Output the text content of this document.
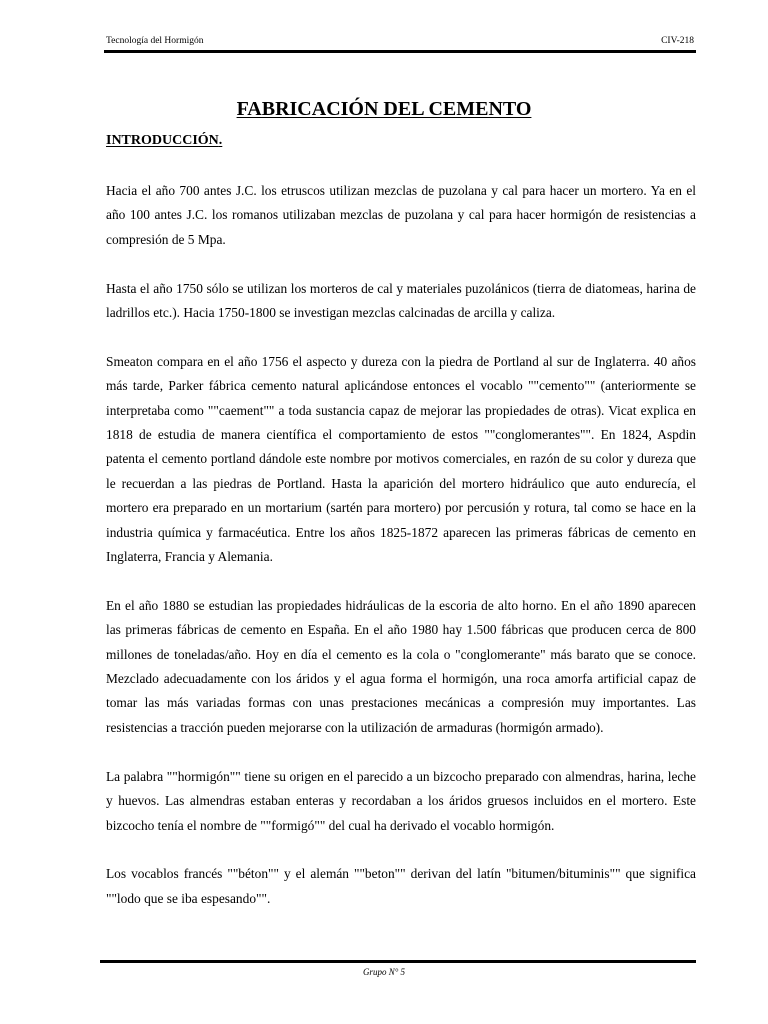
Tecnología del Hormigón	CIV-218
FABRICACIÓN DEL CEMENTO
INTRODUCCIÓN.

Hacia el año 700 antes J.C. los etruscos utilizan mezclas de puzolana y cal para hacer un mortero. Ya en el año 100 antes J.C. los romanos utilizaban mezclas de puzolana y cal para hacer hormigón de resistencias a compresión de 5 Mpa.

Hasta el año 1750 sólo se utilizan los morteros de cal y materiales puzolánicos (tierra de diatomeas, harina de ladrillos etc.). Hacia 1750-1800 se investigan mezclas calcinadas de arcilla y caliza.

Smeaton compara en el año 1756 el aspecto y dureza con la piedra de Portland al sur de Inglaterra. 40 años más tarde, Parker fábrica cemento natural aplicándose entonces el vocablo ""cemento"" (anteriormente se interpretaba como ""caement"" a toda sustancia capaz de mejorar las propiedades de otras). Vicat explica en 1818 de estudia de manera científica el comportamiento de estos ""conglomerantes"". En 1824, Aspdin patenta el cemento portland dándole este nombre por motivos comerciales, en razón de su color y dureza que le recuerdan a las piedras de Portland. Hasta la aparición del mortero hidráulico que auto endurecía, el mortero era preparado en un mortarium (sartén para mortero) por percusión y rotura, tal como se hace en la industria química y farmacéutica. Entre los años 1825-1872 aparecen las primeras fábricas de cemento en Inglaterra, Francia y Alemania.

En el año 1880 se estudian las propiedades hidráulicas de la escoria de alto horno. En el año 1890 aparecen las primeras fábricas de cemento en España. En el año 1980 hay 1.500 fábricas que producen cerca de 800 millones de toneladas/año. Hoy en día el cemento es la cola o "conglomerante" más barato que se conoce. Mezclado adecuadamente con los áridos y el agua forma el hormigón, una roca amorfa artificial capaz de tomar las más variadas formas con unas prestaciones mecánicas a compresión muy importantes. Las resistencias a tracción pueden mejorarse con la utilización de armaduras (hormigón armado).

La palabra ""hormigón"" tiene su origen en el parecido a un bizcocho preparado con almendras, harina, leche y huevos. Las almendras estaban enteras y recordaban a los áridos gruesos incluidos en el mortero. Este bizcocho tenía el nombre de ""formigó"" del cual ha derivado el vocablo hormigón.

Los vocablos francés ""béton"" y el alemán ""beton"" derivan del latín "bitumen/bituminis"" que significa ""lodo que se iba espesando"".

Grupo N° 5
